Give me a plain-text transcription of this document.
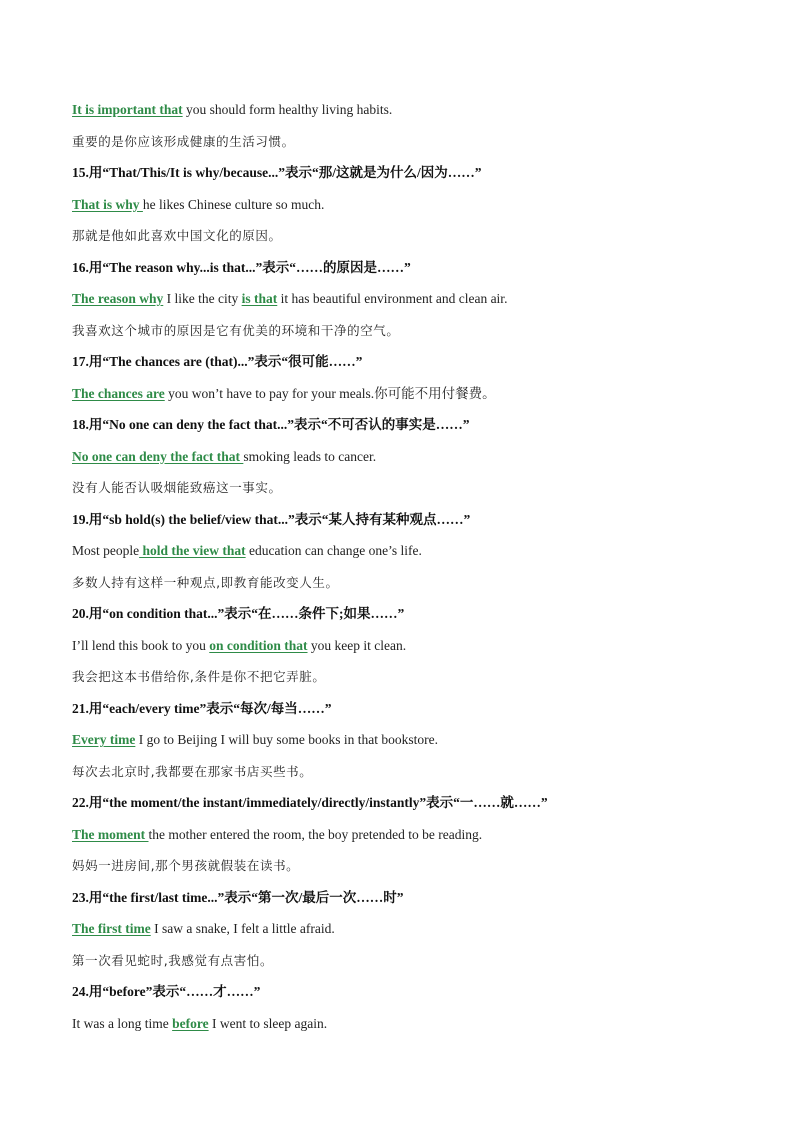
It is important that you should form healthy living habits.
重要的是你应该形成健康的生活习惯。
15.用“That/This/It is why/because...”表示“那/这就是为什么/因为……”
That is why he likes Chinese culture so much.
那就是他如此喜欢中国文化的原因。
16.用“The reason why...is that...”表示“……的原因是……”
The reason why I like the city is that it has beautiful environment and clean air.
我喜欢这个城市的原因是它有优美的环境和干净的空气。
17.用“The chances are (that)...”表示“很可能……”
The chances are you won’t have to pay for your meals.你可能不用付餐费。
18.用“No one can deny the fact that...”表示“不可否认的事实是……”
No one can deny the fact that smoking leads to cancer.
没有人能否认吸烟能致癌这一事实。
19.用“sb hold(s) the belief/view that...”表示“某人持有某种观点……”
Most people hold the view that education can change one’s life.
多数人持有这样一种观点,即教育能改变人生。
20.用“on condition that...”表示“在……条件下;如果……”
I’ll lend this book to you on condition that you keep it clean.
我会把这本书借给你,条件是你不把它弄脏。
21.用“each/every time”表示“每次/每当……”
Every time I go to Beijing I will buy some books in that bookstore.
每次去北京时,我都要在那家书店买些书。
22.用“the moment/the instant/immediately/directly/instantly”表示“一……就……”
The moment the mother entered the room, the boy pretended to be reading.
妈妈一进房间,那个男孩就假装在读书。
23.用“the first/last time...”表示“第一次/最后一次……时”
The first time I saw a snake, I felt a little afraid.
第一次看见蛇时,我感觉有点害怕。
24.用“before”表示“……才……”
It was a long time before I went to sleep again.
